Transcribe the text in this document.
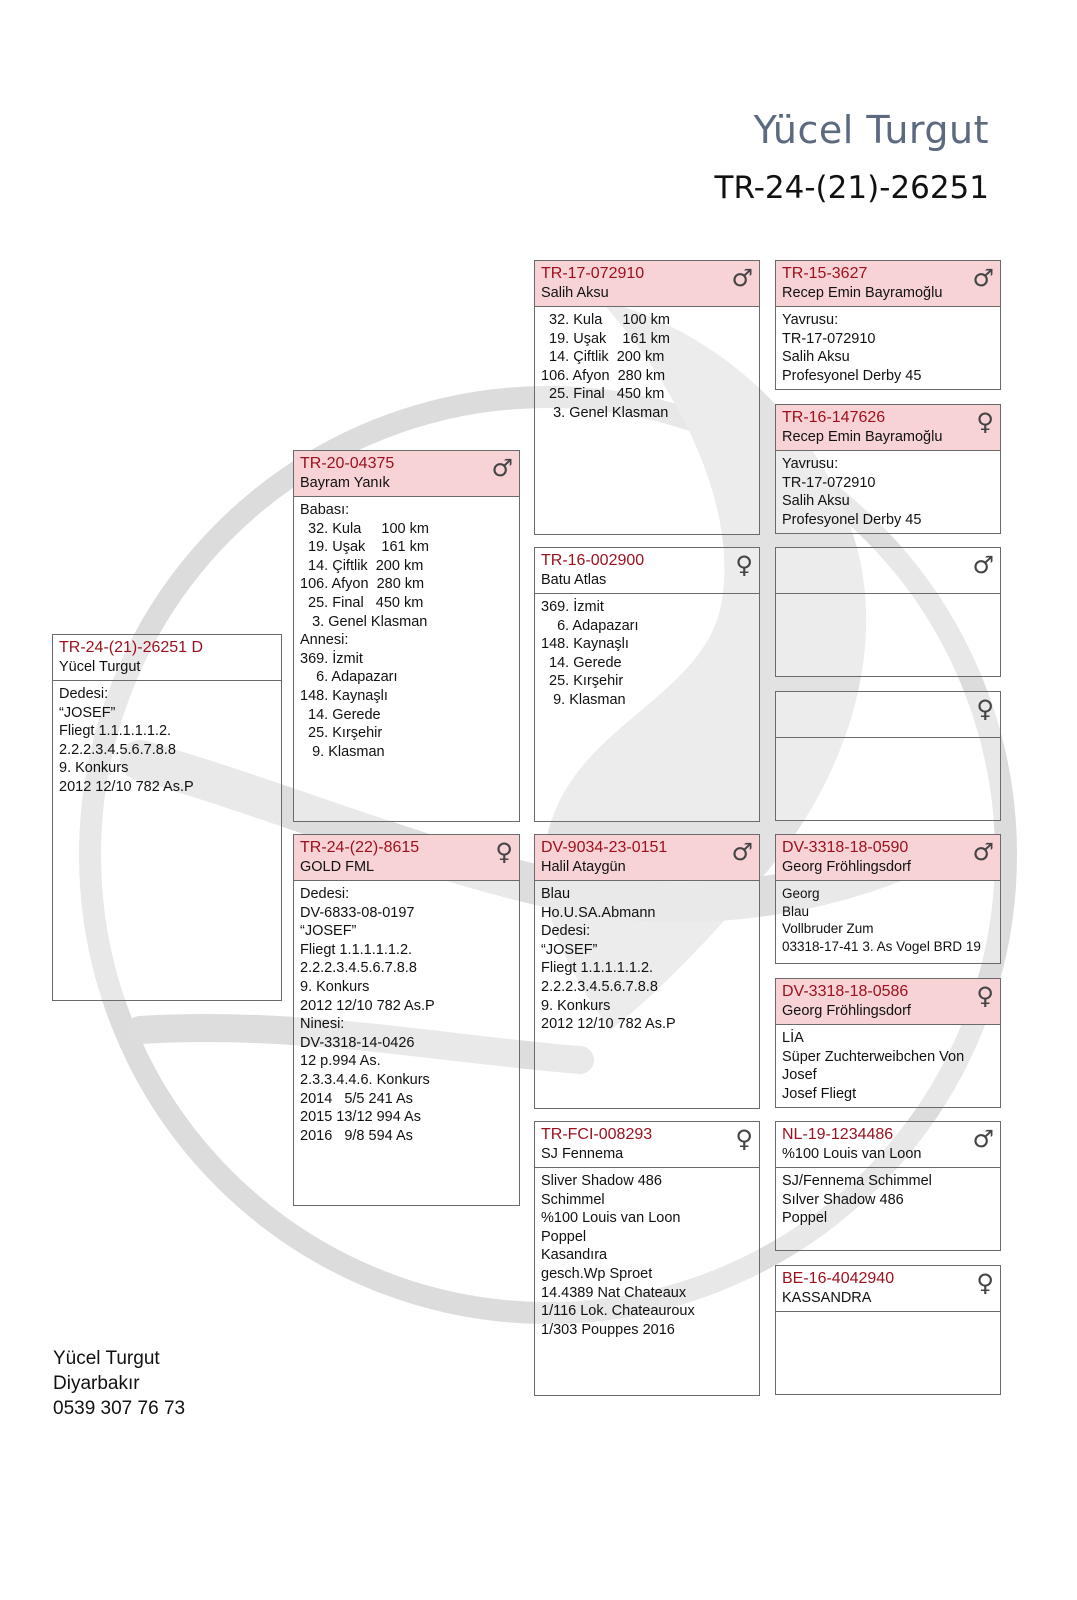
Yücel Turgut
TR-24-(21)-26251
TR-24-(21)-26251 D
Yücel Turgut
Dedesi:
“JOSEF”
Fliegt 1.1.1.1.1.2.
2.2.2.3.4.5.6.7.8.8
9. Konkurs
2012 12/10 782 As.P
TR-20-04375
Bayram Yanık
♂
Babası:
32. Kula     100 km
19. Uşak    161 km
14. Çiftlik  200 km
106. Afyon  280 km
25. Final   450 km
3. Genel Klasman
Annesi:
369. İzmit
6. Adapazarı
148. Kaynaşlı
14. Gerede
25. Kırşehir
9. Klasman
TR-24-(22)-8615
GOLD FML
♀
Dedesi:
DV-6833-08-0197
“JOSEF”
Fliegt 1.1.1.1.1.2.
2.2.2.3.4.5.6.7.8.8
9. Konkurs
2012 12/10 782 As.P
Ninesi:
DV-3318-14-0426
12 p.994 As.
2.3.3.4.4.6. Konkurs
2014   5/5 241 As
2015 13/12 994 As
2016   9/8 594 As
TR-17-072910
Salih Aksu
♂
32. Kula     100 km
19. Uşak    161 km
14. Çiftlik  200 km
106. Afyon  280 km
25. Final   450 km
3. Genel Klasman
TR-16-002900
Batu Atlas
♀
369. İzmit
6. Adapazarı
148. Kaynaşlı
14. Gerede
25. Kırşehir
9. Klasman
DV-9034-23-0151
Halil Ataygün
♂
Blau
Ho.U.SA.Abmann
Dedesi:
“JOSEF”
Fliegt 1.1.1.1.1.2.
2.2.2.3.4.5.6.7.8.8
9. Konkurs
2012 12/10 782 As.P
TR-FCI-008293
SJ Fennema
♀
Sliver Shadow 486
Schimmel
%100 Louis van Loon
Poppel
Kasandıra
gesch.Wp Sproet
14.4389 Nat Chateaux
1/116 Lok. Chateauroux
1/303 Pouppes 2016
TR-15-3627
Recep Emin Bayramoğlu
♂
Yavrusu:
TR-17-072910
Salih Aksu
Profesyonel Derby 45
TR-16-147626
Recep Emin Bayramoğlu
♀
Yavrusu:
TR-17-072910
Salih Aksu
Profesyonel Derby 45
♂
♀
DV-3318-18-0590
Georg Fröhlingsdorf
♂
Georg
Blau
Vollbruder Zum
03318-17-41 3. As Vogel BRD 19
DV-3318-18-0586
Georg Fröhlingsdorf
♀
LİA
Süper Zuchterweibchen Von
Josef
Josef Fliegt
NL-19-1234486
%100 Louis van Loon
♂
SJ/Fennema Schimmel
Sılver Shadow 486
Poppel
BE-16-4042940
KASSANDRA
♀
Yücel Turgut
Diyarbakır
0539 307 76 73
